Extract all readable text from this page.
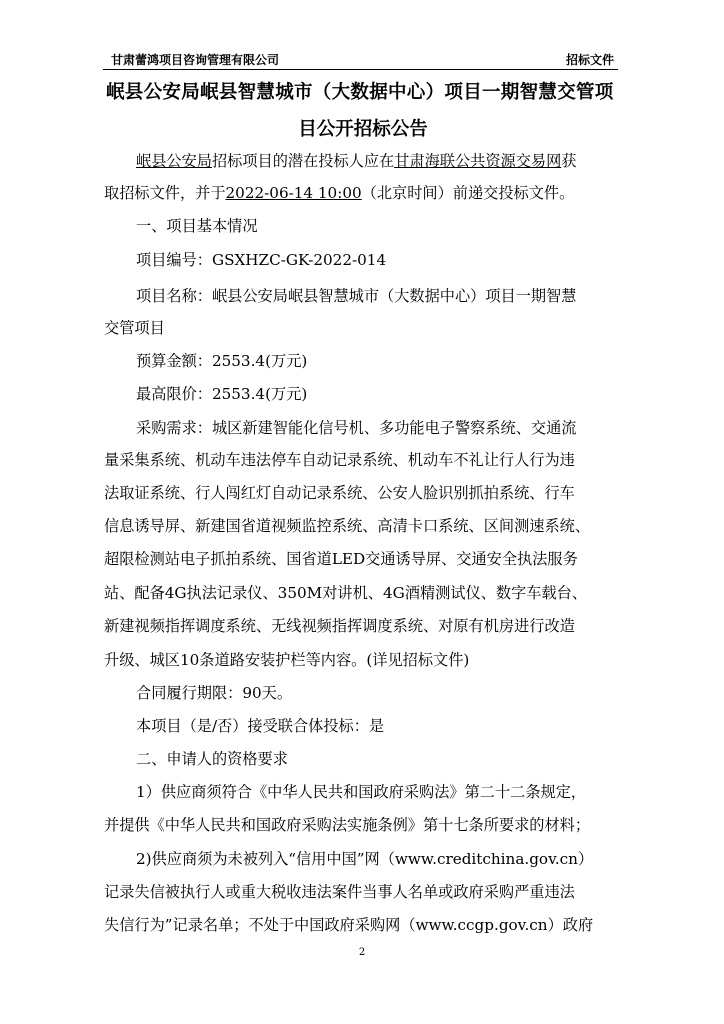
甘肃蕾鸿项目咨询管理有限公司	招标文件
岷县公安局岷县智慧城市（大数据中心）项目一期智慧交管项
目公开招标公告
岷县公安局招标项目的潜在投标人应在甘肃海联公共资源交易网获
取招标文件，并于2022-06-14 10:00（北京时间）前递交投标文件。
一、项目基本情况
项目编号：GSXHZC-GK-2022-014
项目名称：岷县公安局岷县智慧城市（大数据中心）项目一期智慧
交管项目
预算金额：2553.4(万元)
最高限价：2553.4(万元)
采购需求：城区新建智能化信号机、多功能电子警察系统、交通流
量采集系统、机动车违法停车自动记录系统、机动车不礼让行人行为违
法取证系统、行人闯红灯自动记录系统、公安人脸识别抓拍系统、行车
信息诱导屏、新建国省道视频监控系统、高清卡口系统、区间测速系统、
超限检测站电子抓拍系统、国省道LED交通诱导屏、交通安全执法服务
站、配备4G执法记录仪、350M对讲机、4G酒精测试仪、数字车载台、
新建视频指挥调度系统、无线视频指挥调度系统、对原有机房进行改造
升级、城区10条道路安装护栏等内容。(详见招标文件)
合同履行期限：90天。
本项目（是/否）接受联合体投标：是
二、申请人的资格要求
1）供应商须符合《中华人民共和国政府采购法》第二十二条规定，
并提供《中华人民共和国政府采购法实施条例》第十七条所要求的材料；
2)供应商须为未被列入“信用中国”网（www.creditchina.gov.cn）
记录失信被执行人或重大税收违法案件当事人名单或政府采购严重违法
失信行为”记录名单；不处于中国政府采购网（www.ccgp.gov.cn）政府
2
